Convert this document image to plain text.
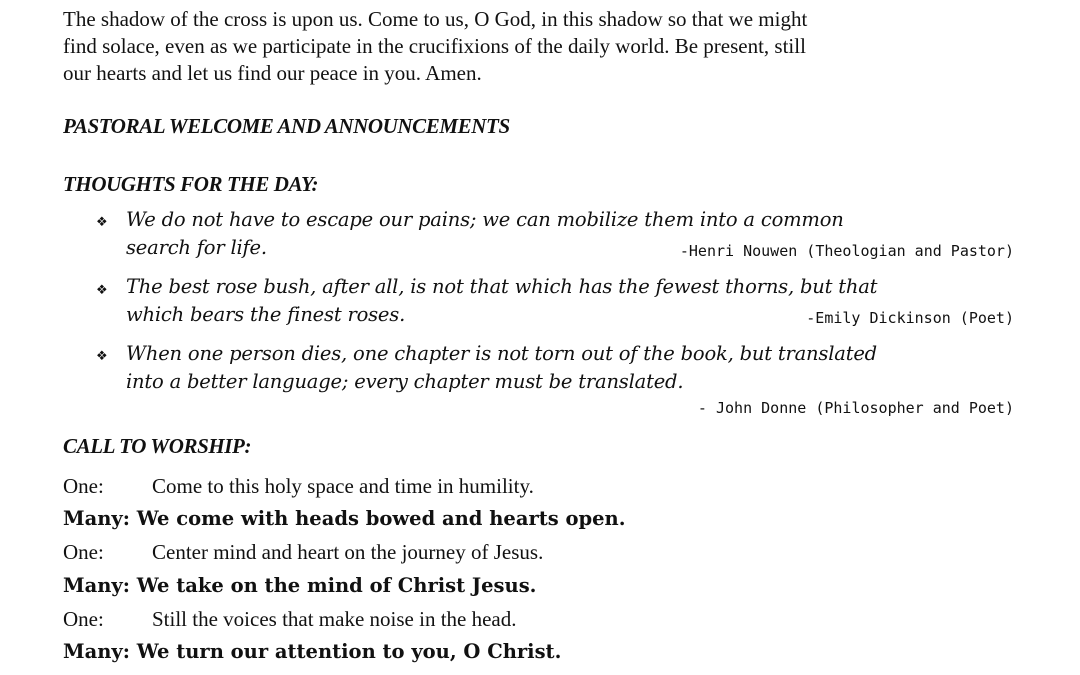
The shadow of the cross is upon us. Come to us, O God, in this shadow so that we might
find solace, even as we participate in the crucifixions of the daily world. Be present, still
our hearts and let us find our peace in you. Amen.
PASTORAL WELCOME AND ANNOUNCEMENTS
THOUGHTS FOR THE DAY:
❖ We do not have to escape our pains; we can mobilize them into a common
search for life.	-Henri Nouwen (Theologian and Pastor)
❖ The best rose bush, after all, is not that which has the fewest thorns, but that
which bears the finest roses.	-Emily Dickinson (Poet)
❖ When one person dies, one chapter is not torn out of the book, but translated
into a better language; every chapter must be translated.
- John Donne (Philosopher and Poet)
CALL TO WORSHIP:
One: Come to this holy space and time in humility.
Many: We come with heads bowed and hearts open.
One: Center mind and heart on the journey of Jesus.
Many: We take on the mind of Christ Jesus.
One: Still the voices that make noise in the head.
Many: We turn our attention to you, O Christ.
